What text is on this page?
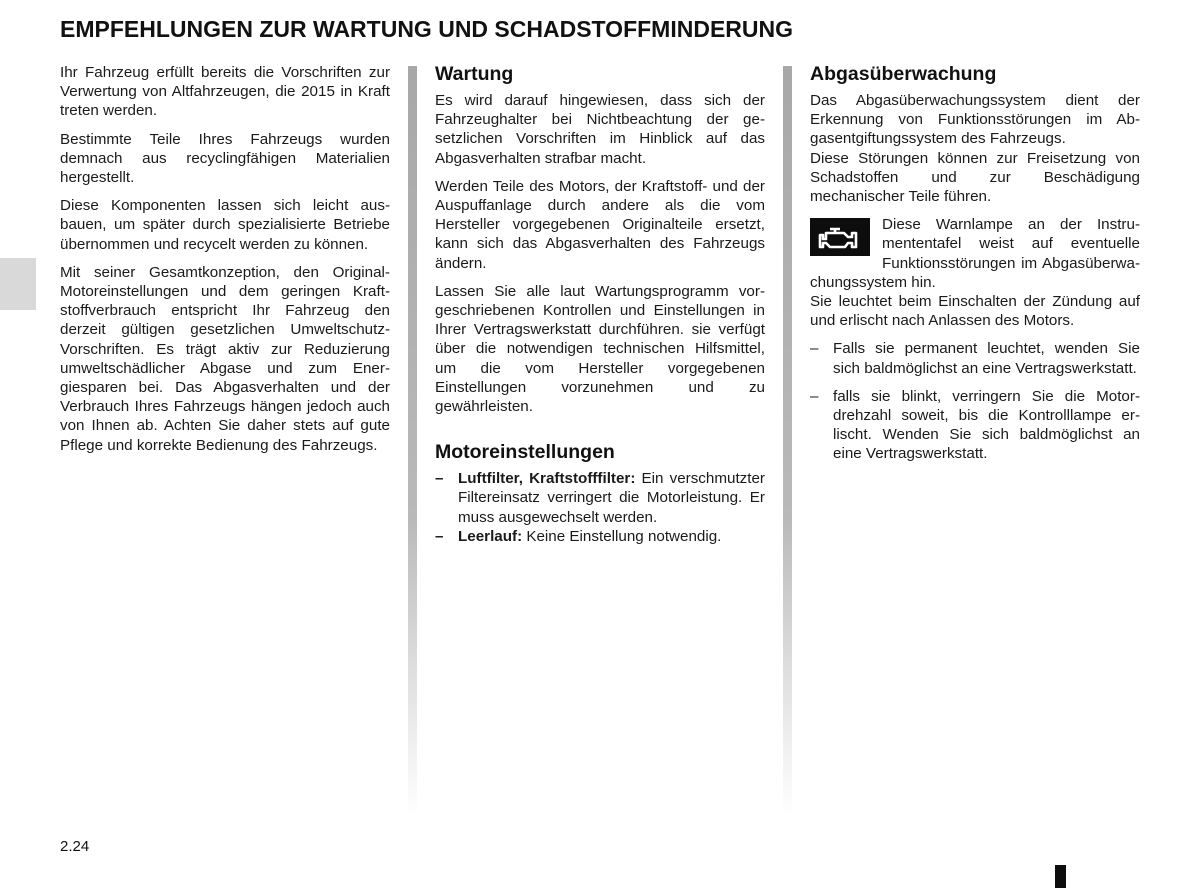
EMPFEHLUNGEN ZUR WARTUNG UND SCHADSTOFFMINDERUNG

Ihr Fahrzeug erfüllt bereits die Vorschriften zur Verwertung von Altfahrzeugen, die 2015 in Kraft treten werden.

Bestimmte Teile Ihres Fahrzeugs wurden demnach aus recyclingfähigen Materialien hergestellt.

Diese Komponenten lassen sich leicht ausbauen, um später durch spezialisierte Betriebe übernommen und recycelt werden zu können.

Mit seiner Gesamtkonzeption, den Original-Motoreinstellungen und dem geringen Kraftstoffverbrauch entspricht Ihr Fahrzeug den derzeit gültigen gesetzlichen Umweltschutz-Vorschriften. Es trägt aktiv zur Reduzierung umweltschädlicher Abgase und zum Energiesparen bei. Das Abgasverhalten und der Verbrauch Ihres Fahrzeugs hängen jedoch auch von Ihnen ab. Achten Sie daher stets auf gute Pflege und korrekte Bedienung des Fahrzeugs.

Wartung

Es wird darauf hingewiesen, dass sich der Fahrzeughalter bei Nichtbeachtung der gesetzlichen Vorschriften im Hinblick auf das Abgasverhalten strafbar macht.

Werden Teile des Motors, der Kraftstoff- und der Auspuffanlage durch andere als die vom Hersteller vorgegebenen Originalteile ersetzt, kann sich das Abgasverhalten des Fahrzeugs ändern.

Lassen Sie alle laut Wartungsprogramm vorgeschriebenen Kontrollen und Einstellungen in Ihrer Vertragswerkstatt durchführen. sie verfügt über die notwendigen technischen Hilfsmittel, um die vom Hersteller vorgegebenen Einstellungen vorzunehmen und zu gewährleisten.

Motoreinstellungen
– Luftfilter, Kraftstofffilter: Ein verschmutzter Filtereinsatz verringert die Motorleistung. Er muss ausgewechselt werden.
– Leerlauf: Keine Einstellung notwendig.
Abgasüberwachung

Das Abgasüberwachungssystem dient der Erkennung von Funktionsstörungen im Abgasentgiftungssystem des Fahrzeugs.

Diese Störungen können zur Freisetzung von Schadstoffen und zur Beschädigung mechanischer Teile führen.

Diese Warnlampe an der Instrumententafel weist auf eventuelle Funktionsstörungen im Abgasüberwachungssystem hin.

Sie leuchtet beim Einschalten der Zündung auf und erlischt nach Anlassen des Motors.

– Falls sie permanent leuchtet, wenden Sie sich baldmöglichst an eine Vertragswerkstatt.
– falls sie blinkt, verringern Sie die Motordrehzahl soweit, bis die Kontrolllampe erlischt. Wenden Sie sich baldmöglichst an eine Vertragswerkstatt.
2.24
